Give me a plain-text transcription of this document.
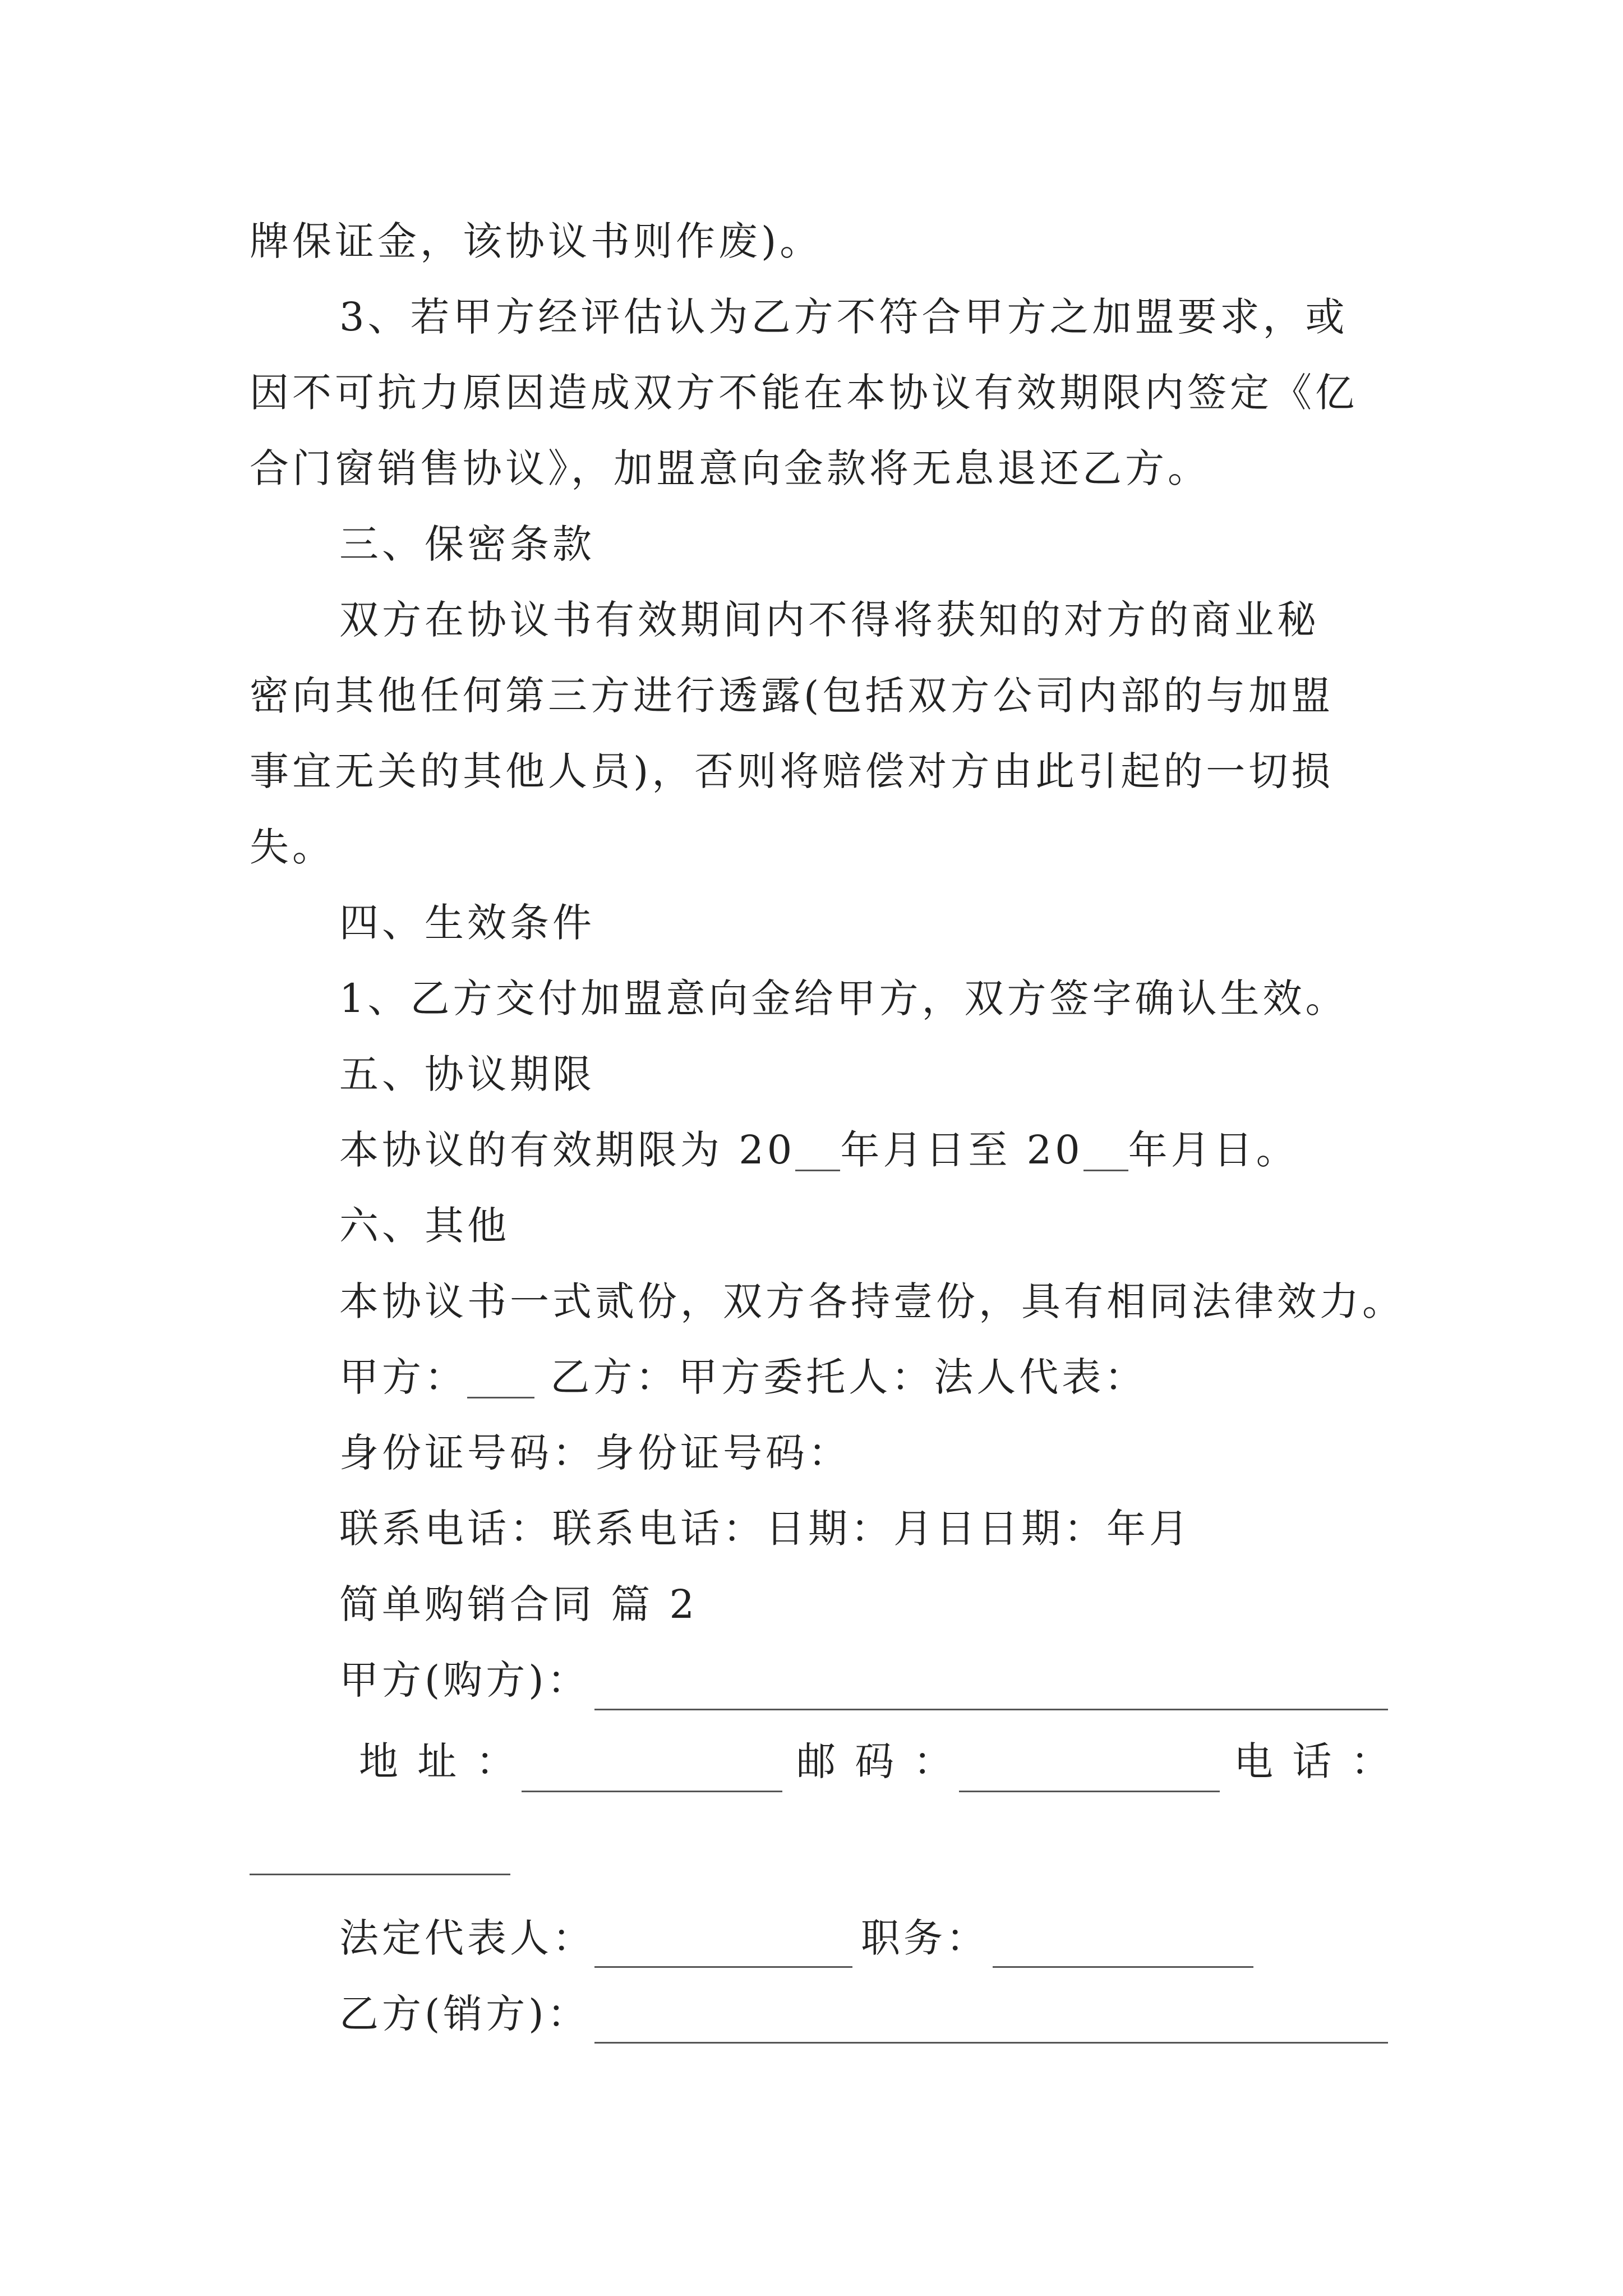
牌保证金，该协议书则作废)。
3、若甲方经评估认为乙方不符合甲方之加盟要求，或
因不可抗力原因造成双方不能在本协议有效期限内签定《亿
合门窗销售协议》，加盟意向金款将无息退还乙方。
三、保密条款
双方在协议书有效期间内不得将获知的对方的商业秘
密向其他任何第三方进行透露(包括双方公司内部的与加盟
事宜无关的其他人员)，否则将赔偿对方由此引起的一切损
失。
四、生效条件
1、乙方交付加盟意向金给甲方，双方签字确认生效。
五、协议期限
本协议的有效期限为 20 年月日至 20 年月日。
六、其他
本协议书一式贰份，双方各持壹份，具有相同法律效力。
甲方： 乙方：甲方委托人：法人代表：
身份证号码：身份证号码：
联系电话：联系电话：日期：月日日期：年月
简单购销合同 篇 2
甲方(购方)：
地 址 ：	邮 码 ：	电 话 ：
法定代表人：	职务：
乙方(销方)：
